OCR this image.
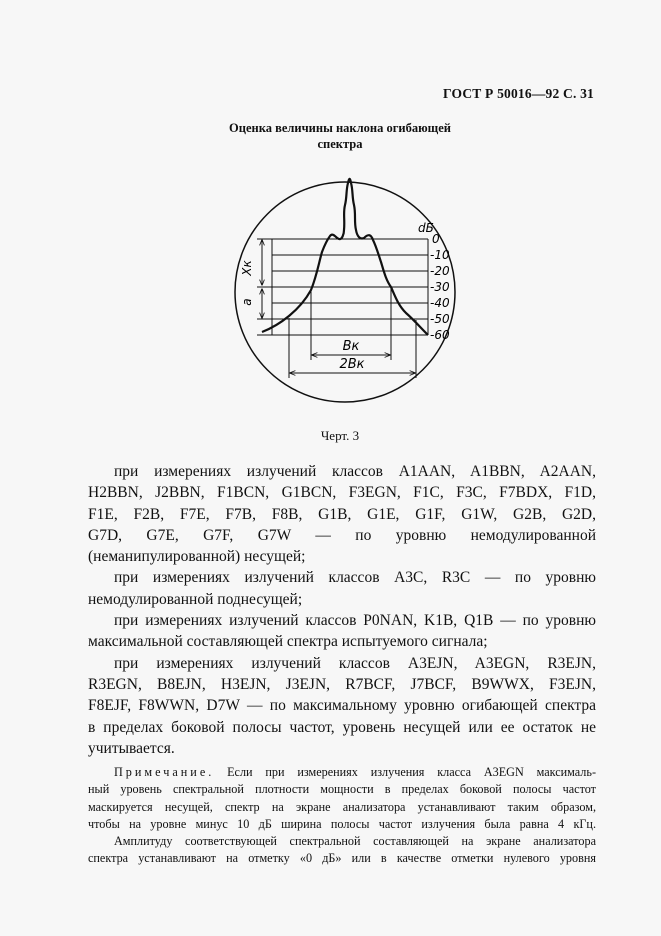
ГОСТ Р 50016—92 С. 31
Оценка величины наклона огибающей
спектра
Xк
a
Bк
2Bк
dБ
0
-10
-20
-30
-40
-50
-60
Черт. 3

при измерениях излучений классов A1AAN, A1BBN, A2AAN,

H2BBN, J2BBN, F1BCN, G1BCN, F3EGN, F1C, F3C, F7BDX, F1D,

F1E, F2B, F7E, F7B, F8B, G1B, G1E, G1F, G1W, G2B, G2D,

G7D, G7E, G7F, G7W — по уровню немодулированной

(неманипулированной) несущей;

при измерениях излучений классов A3C, R3C — по уровню

немодулированной поднесущей;

при измерениях излучений классов P0NAN, K1B, Q1B — по уровню

максимальной составляющей спектра испытуемого сигнала;

при измерениях излучений классов A3EJN, A3EGN, R3EJN,

R3EGN, B8EJN, H3EJN, J3EJN, R7BCF, J7BCF, B9WWX, F3EJN,

F8EJF, F8WWN, D7W — по максимальному уровню огибающей спектра

в пределах боковой полосы частот, уровень несущей или ее остаток не

учитывается.

Примечание. Если при измерениях излучения класса A3EGN максималь-

ный уровень спектральной плотности мощности в пределах боковой полосы частот

маскируется несущей, спектр на экране анализатора устанавливают таким образом,

чтобы на уровне минус 10 дБ ширина полосы частот излучения была равна 4 кГц.

Амплитуду соответствующей спектральной составляющей на экране анализатора

спектра устанавливают на отметку «0 дБ» или в качестве отметки нулевого уровня
